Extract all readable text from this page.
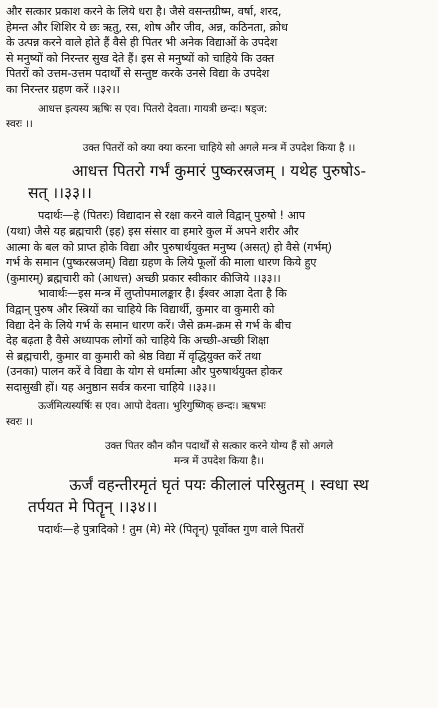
और सत्कार प्रकाश करने के लिये धरा है। जैसे वसन्तग्रीष्म, वर्षा, शरद,
हेमन्त और शिशिर ये छः ऋतु, रस, शोष और जीव, अन्न, कठिनता, क्रोध
के उत्पन्न करने वाले होते हैं वैसे ही पितर भी अनेक विद्याओं के उपदेश
से मनुष्यों को निरन्तर सुख देते हैं। इस से मनुष्यों को चाहिये कि उक्त
पितरों को उत्तम-उत्तम पदार्थों से सन्तुष्ट करके उनसे विद्या के उपदेश
का निरन्तर ग्रहण करें ।।३२।।
आधत्त इत्यस्य ऋषिः स एव। पितरो देवता। गायत्री छन्दः। षड्ज:
स्वरः ।।
उक्त पितरों को क्या क्या करना चाहिये सो अगले मन्त्र में उपदेश किया है ।।
आधत्त पितरो गर्भं कुमारं पुष्करस्रजम् । यथेह पुरुषोऽ-
सत् ।।३३।।
पदार्थः—हे (पितरः) विद्यादान से रक्षा करने वाले विद्वान् पुरुषो ! आप
(यथा) जैसे यह ब्रह्मचारी (इह) इस संसार वा हमारे कुल में अपने शरीर और
आत्मा के बल को प्राप्त होके विद्या और पुरुषार्थयुक्त मनुष्य (असत्) हो वैसे (गर्भम्)
गर्भ के समान (पुष्करस्रजम्) विद्या ग्रहण के लिये फूलों की माला धारण किये हुए
(कुमारम्) ब्रह्मचारी को (आधत्त) अच्छी प्रकार स्वीकार कीजिये ।।३३।।
भावार्थः—इस मन्त्र में लुप्तोपमालङ्कार है। ईश्वर आज्ञा देता है कि
विद्वान् पुरुष और स्त्रियों का चाहिये कि विद्यार्थी, कुमार वा कुमारी को
विद्या देने के लिये गर्भ के समान धारण करें। जैसे क्रम-क्रम से गर्भ के बीच
देह बढ़ता है वैसे अध्यापक लोगों को चाहिये कि अच्छी-अच्छी शिक्षा
से ब्रह्मचारी, कुमार वा कुमारी को श्रेष्ठ विद्या में वृद्धियुक्त करें तथा
(उनका) पालन करें वे विद्या के योग से धर्मात्मा और पुरुषार्थयुक्त होकर
सदासुखी हों। यह अनुष्ठान सर्वत्र करना चाहिये ।।३३।।
ऊर्जमित्यस्यर्षिः स एव। आपो देवता। भुरिगुष्णिक् छन्दः। ऋषभः
स्वरः ।।
उक्त पितर कौन कौन पदार्थों से सत्कार करने योग्य हैं सो अगले
मन्त्र में उपदेश किया है।।
ऊर्जं वहन्तीरमृतं घृतं पयः कीलालं परिस्रुतम् । स्वधा स्थ
तर्पयत मे पितॄन् ।।३४।।
पदार्थः—हे पुत्रादिको ! तुम (मे) मेरे (पितॄन्) पूर्वोक्त गुण वाले पितरों
